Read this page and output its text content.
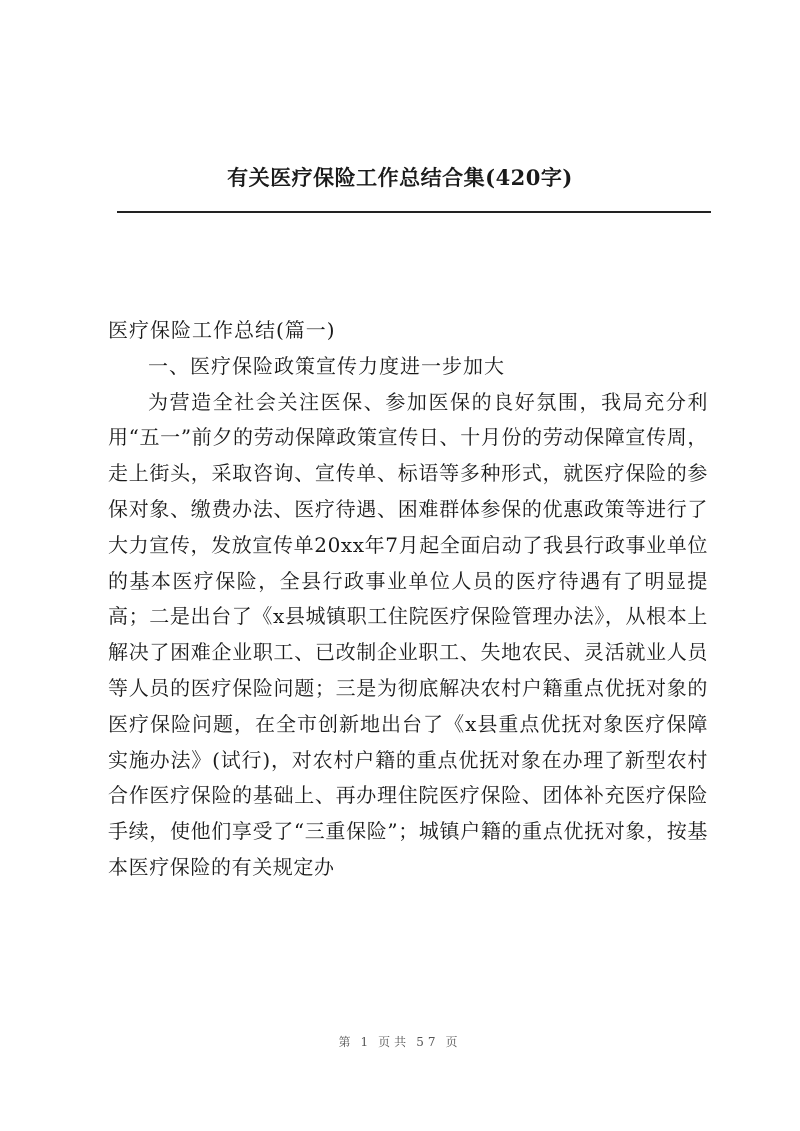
有关医疗保险工作总结合集(420字)

医疗保险工作总结(篇一)

一、医疗保险政策宣传力度进一步加大

为营造全社会关注医保、参加医保的良好氛围，我局充分利用“五一”前夕的劳动保障政策宣传日、十月份的劳动保障宣传周，走上街头，采取咨询、宣传单、标语等多种形式，就医疗保险的参保对象、缴费办法、医疗待遇、困难群体参保的优惠政策等进行了大力宣传，发放宣传单20xx年7月起全面启动了我县行政事业单位的基本医疗保险，全县行政事业单位人员的医疗待遇有了明显提高；二是出台了《x县城镇职工住院医疗保险管理办法》，从根本上解决了困难企业职工、已改制企业职工、失地农民、灵活就业人员等人员的医疗保险问题；三是为彻底解决农村户籍重点优抚对象的医疗保险问题，在全市创新地出台了《x县重点优抚对象医疗保障实施办法》(试行)，对农村户籍的重点优抚对象在办理了新型农村合作医疗保险的基础上、再办理住院医疗保险、团体补充医疗保险手续，使他们享受了“三重保险”；城镇户籍的重点优抚对象，按基本医疗保险的有关规定办

第 1 页共 57 页
